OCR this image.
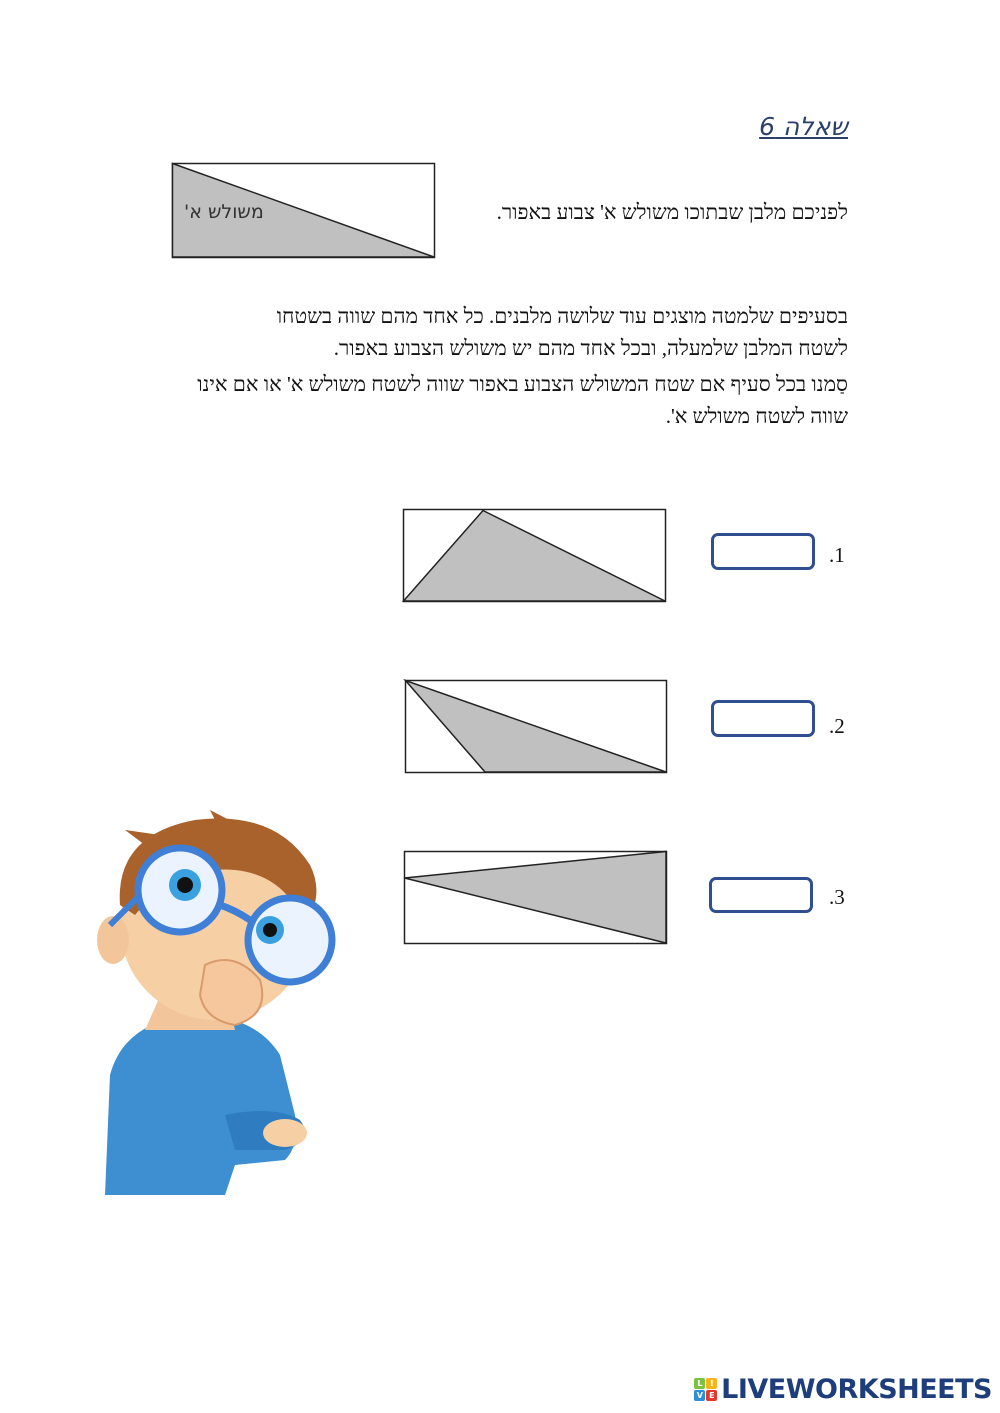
שאלה 6
משולש א'	לפניכם מלבן שבתוכו משולש א' צבוע באפור.
בסעיפים שלמטה מוצגים עוד שלושה מלבנים. כל אחד מהם שווה בשטחו
לשטח המלבן שלמעלה, ובכל אחד מהם יש משולש הצבוע באפור.
סַמנו בכל סעיף אם שטח המשולש הצבוע באפור שווה לשטח משולש א' או אם אינו
שווה לשטח משולש א'.
.1
.2
.3
L	I
V E LIVEWORKSHEETS
